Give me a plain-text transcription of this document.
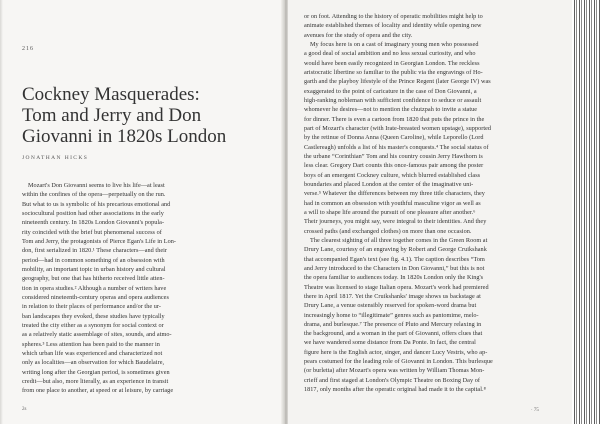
216
Cockney Masquerades:
Tom and Jerry and Don
Giovanni in 1820s London
JONATHAN HICKS
Mozart's Don Giovanni seems to live his life—at least
within the confines of the opera—perpetually on the run.
But what to us is symbolic of his precarious emotional and
sociocultural position had other associations in the early
nineteenth century. In 1820s London Giovanni's popula-
rity coincided with the brief but phenomenal success of
Tom and Jerry, the protagonists of Pierce Egan's Life in Lon-
don, first serialized in 1820.¹ These characters—and their
period—had in common something of an obsession with
mobility, an important topic in urban history and cultural
geography, but one that has hitherto received little atten-
tion in opera studies.² Although a number of writers have
considered nineteenth-century operas and opera audiences
in relation to their places of performance and/or the ur-
ban landscapes they evoked, these studies have typically
treated the city either as a synonym for social context or
as a relatively static assemblage of sites, sounds, and atmo-
spheres.³ Less attention has been paid to the manner in
which urban life was experienced and characterized not
only as localities—an observation for which Baudelaire,
writing long after the Georgian period, is sometimes given
credit—but also, more literally, as an experience in transit
from one place to another, at speed or at leisure, by carriage
2s
or on foot. Attending to the history of operatic mobilities might help to
animate established themes of locality and identity while opening new
avenues for the study of opera and the city.
My focus here is on a cast of imaginary young men who possessed
a good deal of social ambition and no less sexual curiosity, and who
would have been easily recognized in Georgian London. The reckless
aristocratic libertine so familiar to the public via the engravings of Ho-
garth and the playboy lifestyle of the Prince Regent (later George IV) was
exaggerated to the point of caricature in the case of Don Giovanni, a
high-ranking nobleman with sufficient confidence to seduce or assault
whomever he desires—not to mention the chutzpah to invite a statue
for dinner. There is even a cartoon from 1820 that puts the prince in the
part of Mozart's character (with Irate-breasted women upstage), supported
by the retinue of Donna Anna (Queen Caroline), while Leporello (Lord
Castlereagh) unfolds a list of his master's conquests.⁴ The social status of
the urbane “Corinthian” Tom and his country cousin Jerry Hawthorn is
less clear. Gregory Dart counts this once-famous pair among the poster
boys of an emergent Cockney culture, which blurred established class
boundaries and placed London at the center of the imaginative uni-
verse.⁵ Whatever the differences between my three title characters, they
had in common an obsession with youthful masculine vigor as well as
a will to shape life around the pursuit of one pleasure after another.⁶
Their journeys, you might say, were integral to their identities. And they
crossed paths (and exchanged clothes) on more than one occasion.
The clearest sighting of all three together comes in the Green Room at
Drury Lane, courtesy of an engraving by Robert and George Cruikshank
that accompanied Egan's text (see fig. 4.1). The caption describes “Tom
and Jerry introduced to the Characters in Don Giovanni,” but this is not
the opera familiar to audiences today. In 1820s London only the King's
Theatre was licensed to stage Italian opera. Mozart's work had premiered
there in April 1817. Yet the Cruikshanks' image shows us backstage at
Drury Lane, a venue ostensibly reserved for spoken-word drama but
increasingly home to “illegitimate” genres such as pantomime, melo-
drama, and burlesque.⁷ The presence of Pluto and Mercury relaxing in
the background, and a woman in the part of Giovanni, offers clues that
we have wandered some distance from Da Ponte. In fact, the central
figure here is the English actor, singer, and dancer Lucy Vestris, who ap-
pears costumed for the leading role of Giovanni in London. This burlesque
(or burletta) after Mozart's opera was written by William Thomas Mon-
crieff and first staged at London's Olympic Theatre on Boxing Day of
1817, only months after the operatic original had made it to the capital.⁸
· 75
